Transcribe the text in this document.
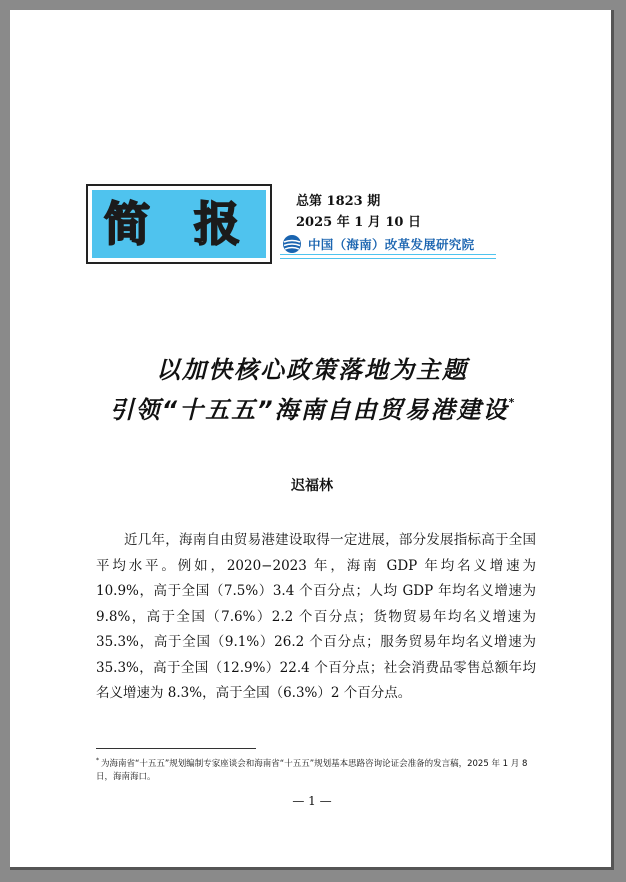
简 报	总第 1823 期
2025 年 1 月 10 日
中国（海南）改革发展研究院
以加快核心政策落地为主题
引领“十五五”海南自由贸易港建设*
迟福林

近几年，海南自由贸易港建设取得一定进展，部分发展指标高于全国平均水平。例如，2020−2023 年，海南 GDP 年均名义增速为 10.9%，高于全国（7.5%）3.4 个百分点；人均 GDP 年均名义增速为 9.8%，高于全国（7.6%）2.2 个百分点；货物贸易年均名义增速为 35.3%，高于全国（9.1%）26.2 个百分点；服务贸易年均名义增速为 35.3%，高于全国（12.9%）22.4 个百分点；社会消费品零售总额年均名义增速为 8.3%，高于全国（6.3%）2 个百分点。

* 为海南省“十五五”规划编制专家座谈会和海南省“十五五”规划基本思路咨询论证会准备的发言稿，2025 年 1 月 8 日，海南海口。
— 1 —
